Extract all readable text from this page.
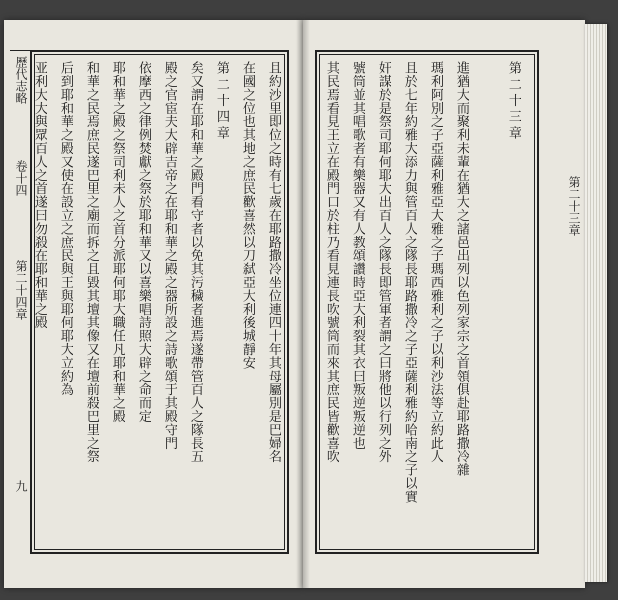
歷代志略
卷十四
第二十四章
九
且約沙里即位之時有七歲在耶路撒冷坐位連四十年其母屬別是巴婦名
在國之位也其地之庶民歡喜然以刀弑亞大利後城靜安
第二十四章
矣又謂在耶和華之殿門看守者以免其污穢者進焉遂帶管百人之隊長五
殿之官宦夫大辟吉帝之在耶和華之殿之器所設之詩歌頌于其殿守門
依摩西之律例焚獻之祭於耶和華又以喜樂唱詩照大辟之命而定
耶和華之殿之祭司利未人之首分派耶何耶大職任凡耶和華之殿
和華之民焉庶民遂巴里之廟而拆之且毀其壇其像又在壇前殺巴里之祭
后到耶和華之殿又使在設立之庶民與王與耶何耶大立約為
亚利大大與眾百人之首遂曰勿殺在耶和華之殿	其民焉看見王立在殿門口於柱乃看見連長吹號筒而來其庶民皆歡喜吹 號筒並其唱歌者有樂器又有人教頌讚時亞大利裂其衣曰叛逆叛逆也 奸謀於是祭司耶何耶大出百人之隊長即管軍者謂之曰將他以行列之外 且於七年約雅大添力與管百人之隊長耶路撒冷之子亞薩利雅約哈南之子以實 瑪利阿別之子亞薩利雅亞大雅之子瑪西雅利之子以利沙法等立約此人 進猶大而聚利未輩在猶大之諸邑出列以色列家宗之首領俱赴耶路撒冷雜	第二十三章
第二十三章
